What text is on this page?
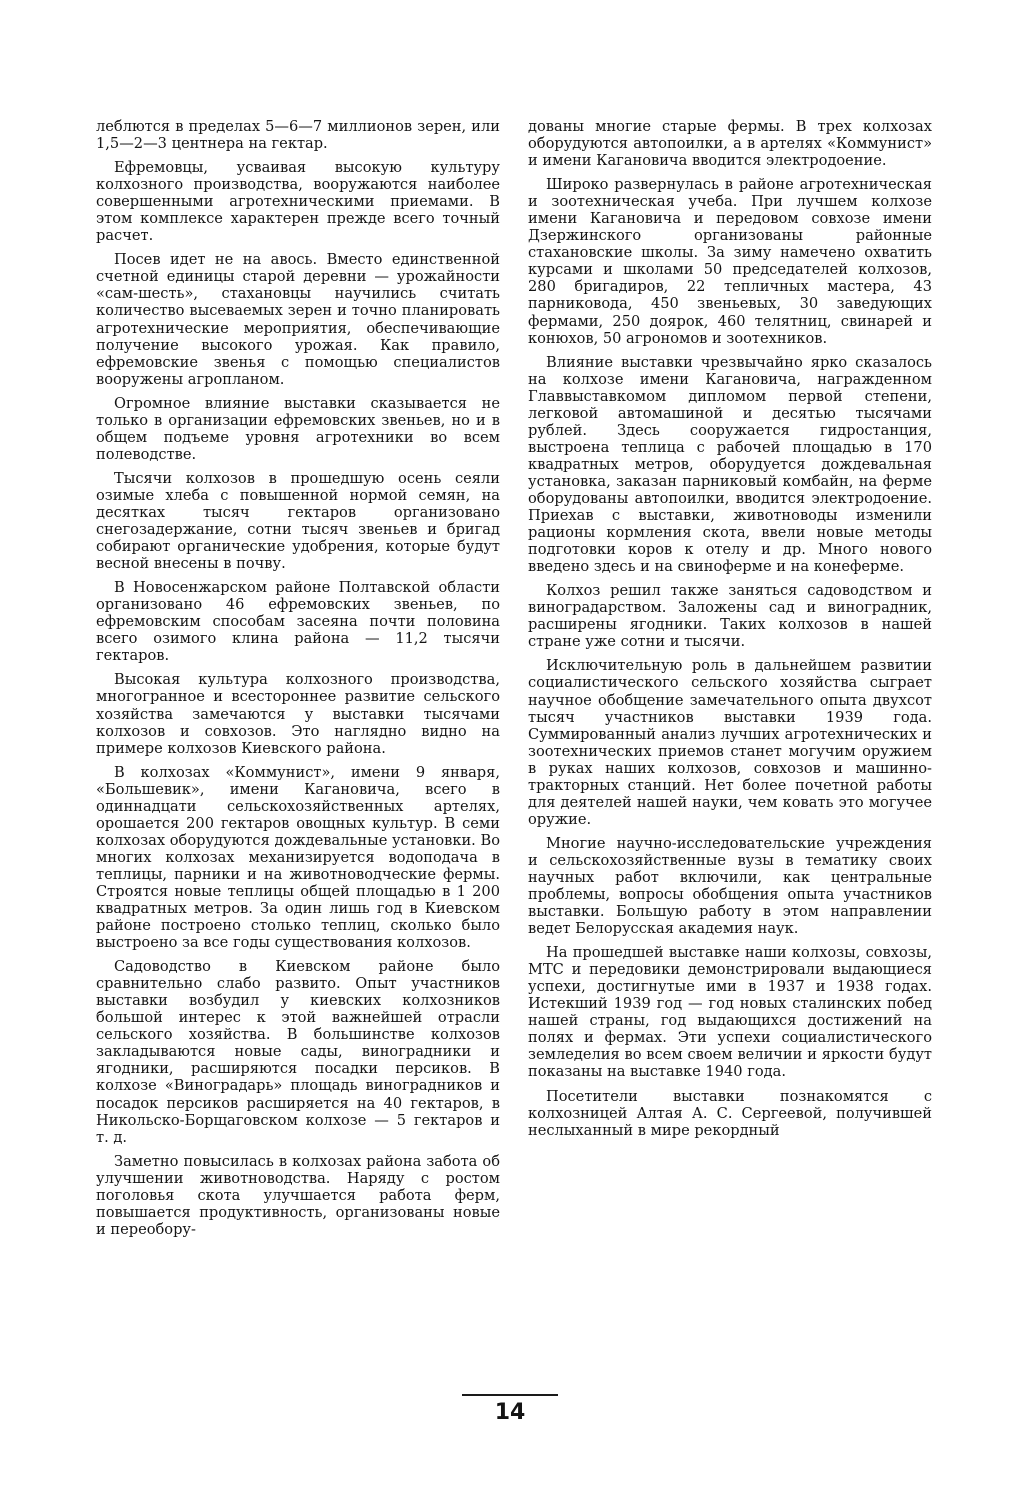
леблются в пределах 5—6—7 миллионов зерен, или 1,5—2—3 центнера на гектар.

Ефремовцы, усваивая высокую культуру колхозного производства, вооружаются наиболее совершенными агротехническими приемами. В этом комплексе характерен прежде всего точный расчет.

Посев идет не на авось. Вместо единственной счетной единицы старой деревни — урожайности «сам-шесть», стахановцы научились считать количество высеваемых зерен и точно планировать агротехнические мероприятия, обеспечивающие получение высокого урожая. Как правило, ефремовские звенья с помощью специалистов вооружены агропланом.

Огромное влияние выставки сказывается не только в организации ефремовских звеньев, но и в общем подъеме уровня агротехники во всем полеводстве.

Тысячи колхозов в прошедшую осень сеяли озимые хлеба с повышенной нормой семян, на десятках тысяч гектаров организовано снегозадержание, сотни тысяч звеньев и бригад собирают органические удобрения, которые будут весной внесены в почву.

В Новосенжарском районе Полтавской области организовано 46 ефремовских звеньев, по ефремовским способам засеяна почти половина всего озимого клина района — 11,2 тысячи гектаров.

Высокая культура колхозного производства, многогранное и всестороннее развитие сельского хозяйства замечаются у выставки тысячами колхозов и совхозов. Это наглядно видно на примере колхозов Киевского района.

В колхозах «Коммунист», имени 9 января, «Большевик», имени Кагановича, всего в одиннадцати сельскохозяйственных артелях, орошается 200 гектаров овощных культур. В семи колхозах оборудуются дождевальные установки. Во многих колхозах механизируется водоподача в теплицы, парники и на животноводческие фермы. Строятся новые теплицы общей площадью в 1 200 квадратных метров. За один лишь год в Киевском районе построено столько теплиц, сколько было выстроено за все годы существования колхозов.

Садоводство в Киевском районе было сравнительно слабо развито. Опыт участников выставки возбудил у киевских колхозников большой интерес к этой важнейшей отрасли сельского хозяйства. В большинстве колхозов закладываются новые сады, виноградники и ягодники, расширяются посадки персиков. В колхозе «Виноградарь» площадь виноградников и посадок персиков расширяется на 40 гектаров, в Никольско-Борщаговском колхозе — 5 гектаров и т. д.

Заметно повысилась в колхозах района забота об улучшении животноводства. Наряду с ростом поголовья скота улучшается работа ферм, повышается продуктивность, организованы новые и переобору-

дованы многие старые фермы. В трех колхозах оборудуются автопоилки, а в артелях «Коммунист» и имени Кагановича вводится электродоение.

Широко развернулась в районе агротехническая и зоотехническая учеба. При лучшем колхозе имени Кагановича и передовом совхозе имени Дзержинского организованы районные стахановские школы. За зиму намечено охватить курсами и школами 50 председателей колхозов, 280 бригадиров, 22 тепличных мастера, 43 парниковода, 450 звеньевых, 30 заведующих фермами, 250 доярок, 460 телятниц, свинарей и конюхов, 50 агрономов и зоотехников.

Влияние выставки чрезвычайно ярко сказалось на колхозе имени Кагановича, награжденном Главвыставкомом дипломом первой степени, легковой автомашиной и десятью тысячами рублей. Здесь сооружается гидростанция, выстроена теплица с рабочей площадью в 170 квадратных метров, оборудуется дождевальная установка, заказан парниковый комбайн, на ферме оборудованы автопоилки, вводится электродоение. Приехав с выставки, животноводы изменили рационы кормления скота, ввели новые методы подготовки коров к отелу и др. Много нового введено здесь и на свиноферме и на конеферме.

Колхоз решил также заняться садоводством и виноградарством. Заложены сад и виноградник, расширены ягодники. Таких колхозов в нашей стране уже сотни и тысячи.

Исключительную роль в дальнейшем развитии социалистического сельского хозяйства сыграет научное обобщение замечательного опыта двухсот тысяч участников выставки 1939 года. Суммированный анализ лучших агротехнических и зоотехнических приемов станет могучим оружием в руках наших колхозов, совхозов и машинно-тракторных станций. Нет более почетной работы для деятелей нашей науки, чем ковать это могучее оружие.

Многие научно-исследовательские учреждения и сельскохозяйственные вузы в тематику своих научных работ включили, как центральные проблемы, вопросы обобщения опыта участников выставки. Большую работу в этом направлении ведет Белорусская академия наук.

На прошедшей выставке наши колхозы, совхозы, МТС и передовики демонстрировали выдающиеся успехи, достигнутые ими в 1937 и 1938 годах. Истекший 1939 год — год новых сталинских побед нашей страны, год выдающихся достижений на полях и фермах. Эти успехи социалистического земледелия во всем своем величии и яркости будут показаны на выставке 1940 года.

Посетители выставки познакомятся с колхозницей Алтая А. С. Сергеевой, получившей неслыханный в мире рекордный

14
